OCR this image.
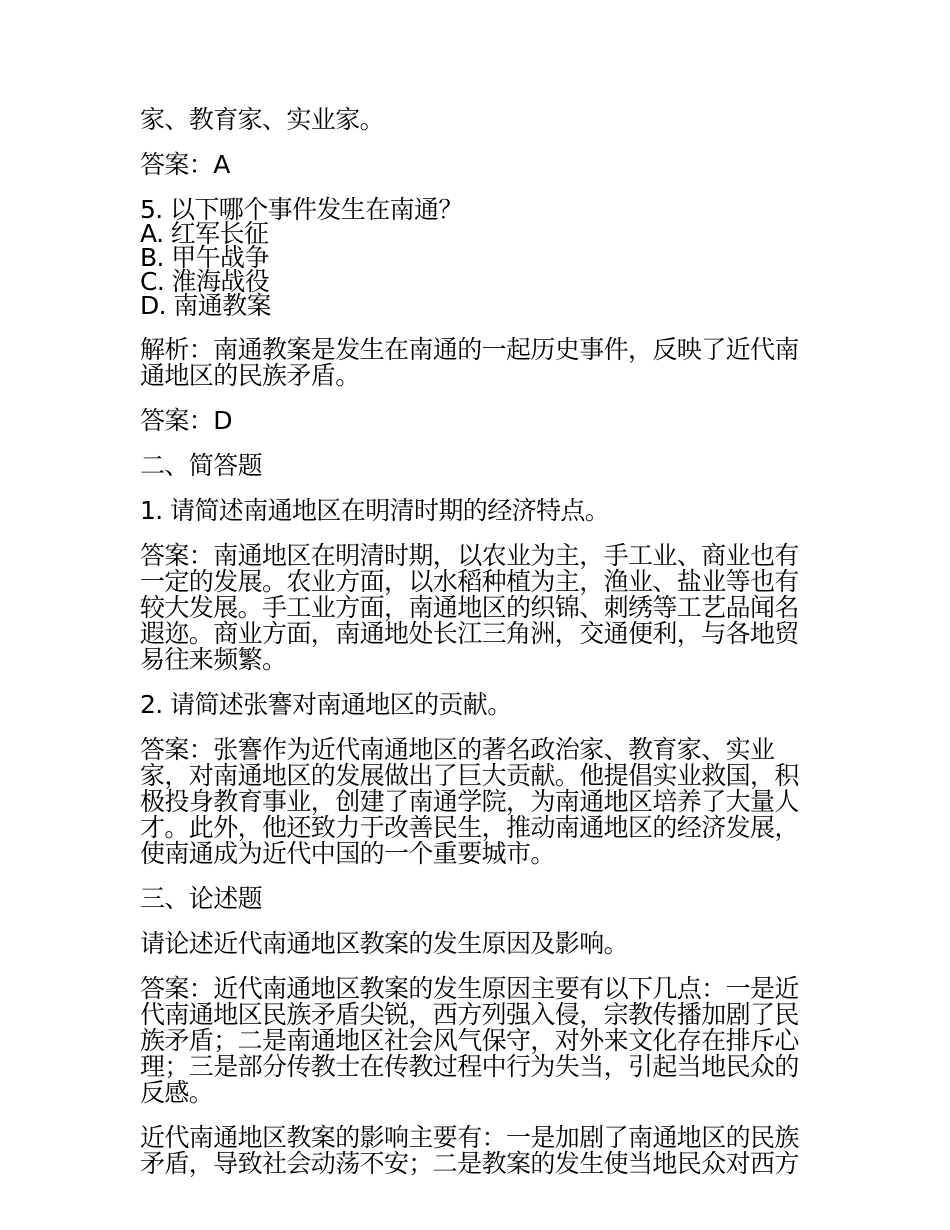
家、教育家、实业家。

答案：A

5. 以下哪个事件发生在南通？
A. 红军长征
B. 甲午战争
C. 淮海战役
D. 南通教案

解析：南通教案是发生在南通的一起历史事件，反映了近代南通地区的民族矛盾。

答案：D

二、简答题

1. 请简述南通地区在明清时期的经济特点。

答案：南通地区在明清时期，以农业为主，手工业、商业也有一定的发展。农业方面，以水稻种植为主，渔业、盐业等也有较大发展。手工业方面，南通地区的织锦、刺绣等工艺品闻名遐迩。商业方面，南通地处长江三角洲，交通便利，与各地贸易往来频繁。

2. 请简述张謇对南通地区的贡献。

答案：张謇作为近代南通地区的著名政治家、教育家、实业家，对南通地区的发展做出了巨大贡献。他提倡实业救国，积极投身教育事业，创建了南通学院，为南通地区培养了大量人才。此外，他还致力于改善民生，推动南通地区的经济发展，使南通成为近代中国的一个重要城市。

三、论述题

请论述近代南通地区教案的发生原因及影响。

答案：近代南通地区教案的发生原因主要有以下几点：一是近代南通地区民族矛盾尖锐，西方列强入侵，宗教传播加剧了民族矛盾；二是南通地区社会风气保守，对外来文化存在排斥心理；三是部分传教士在传教过程中行为失当，引起当地民众的反感。

近代南通地区教案的影响主要有：一是加剧了南通地区的民族矛盾，导致社会动荡不安；二是教案的发生使当地民众对西方
